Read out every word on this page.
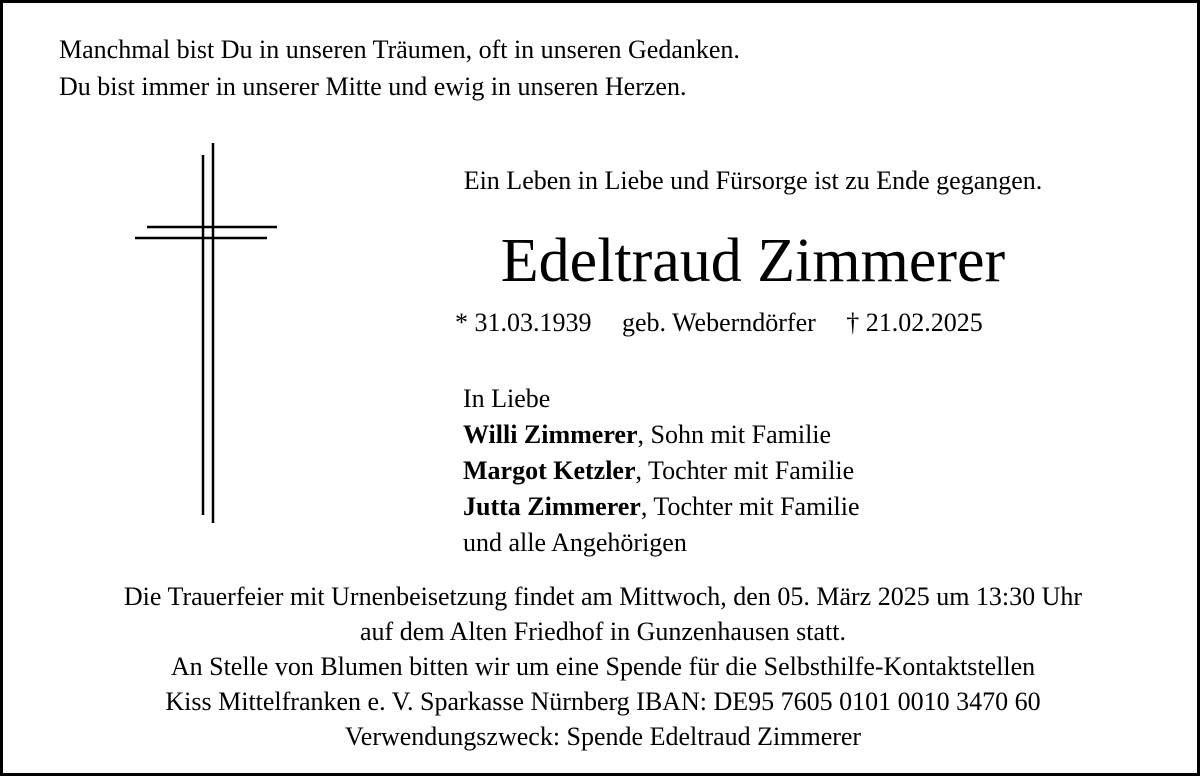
Manchmal bist Du in unseren Träumen, oft in unseren Gedanken.
Du bist immer in unserer Mitte und ewig in unseren Herzen.
Ein Leben in Liebe und Fürsorge ist zu Ende gegangen.
Edeltraud Zimmerer
* 31.03.1939 geb. Weberndörfer † 21.02.2025
In Liebe
Willi Zimmerer, Sohn mit Familie
Margot Ketzler, Tochter mit Familie
Jutta Zimmerer, Tochter mit Familie
und alle Angehörigen
Die Trauerfeier mit Urnenbeisetzung findet am Mittwoch, den 05. März 2025 um 13:30 Uhr
auf dem Alten Friedhof in Gunzenhausen statt.
An Stelle von Blumen bitten wir um eine Spende für die Selbsthilfe-Kontaktstellen
Kiss Mittelfranken e. V. Sparkasse Nürnberg IBAN: DE95 7605 0101 0010 3470 60
Verwendungszweck: Spende Edeltraud Zimmerer
